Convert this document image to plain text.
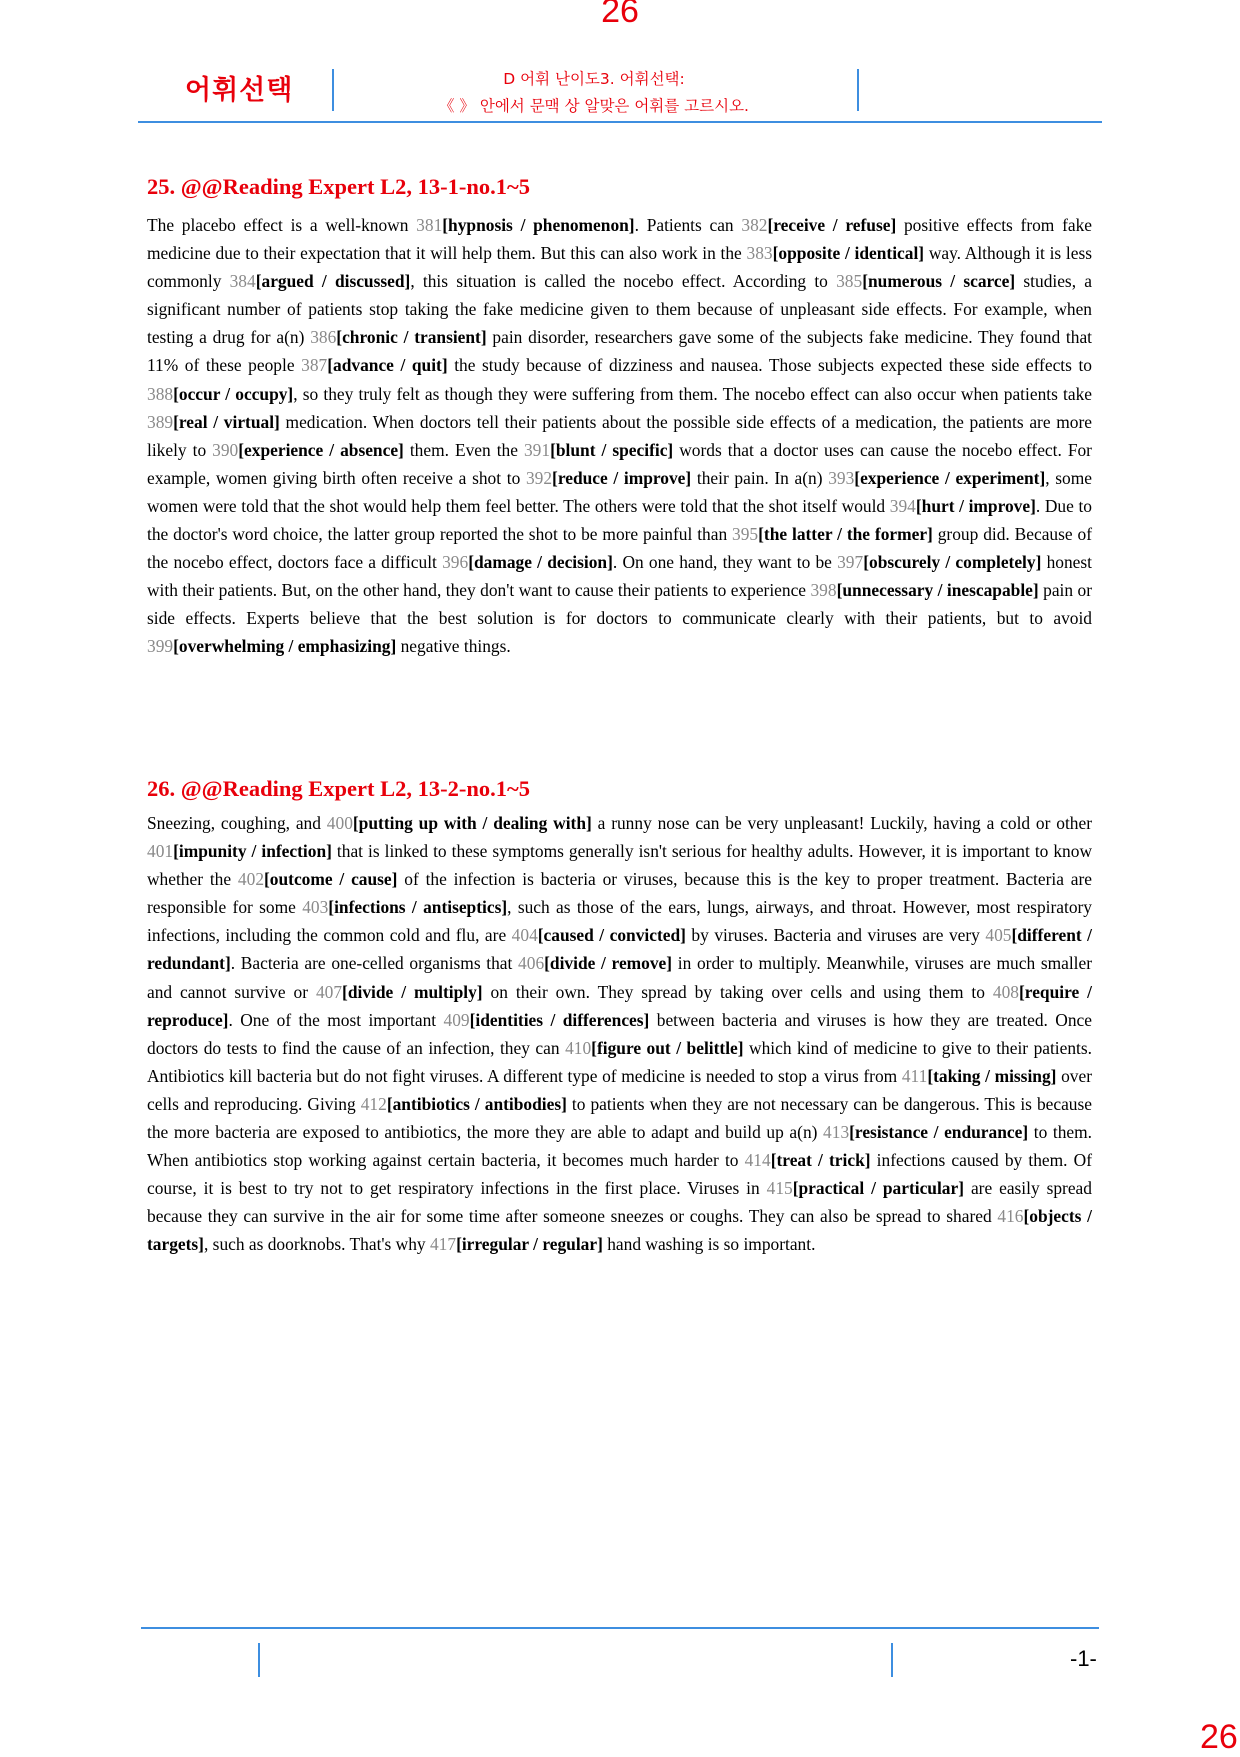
26
어휘선택	D 어휘 난이도3. 어휘선택:
《 》 안에서 문맥 상 알맞은 어휘를 고르시오.
25. @@Reading Expert L2, 13-1-no.1~5
The placebo effect is a well-known 381[hypnosis / phenomenon]. Patients can 382[receive / refuse] positive effects from fake medicine due to their expectation that it will help them. But this can also work in the 383[opposite / identical] way. Although it is less commonly 384[argued / discussed], this situation is called the nocebo effect. According to 385[numerous / scarce] studies, a significant number of patients stop taking the fake medicine given to them because of unpleasant side effects. For example, when testing a drug for a(n) 386[chronic / transient] pain disorder, researchers gave some of the subjects fake medicine. They found that 11% of these people 387[advance / quit] the study because of dizziness and nausea. Those subjects expected these side effects to 388[occur / occupy], so they truly felt as though they were suffering from them. The nocebo effect can also occur when patients take 389[real / virtual] medication. When doctors tell their patients about the possible side effects of a medication, the patients are more likely to 390[experience / absence] them. Even the 391[blunt / specific] words that a doctor uses can cause the nocebo effect. For example, women giving birth often receive a shot to 392[reduce / improve] their pain. In a(n) 393[experience / experiment], some women were told that the shot would help them feel better. The others were told that the shot itself would 394[hurt / improve]. Due to the doctor's word choice, the latter group reported the shot to be more painful than 395[the latter / the former] group did. Because of the nocebo effect, doctors face a difficult 396[damage / decision]. On one hand, they want to be 397[obscurely / completely] honest with their patients. But, on the other hand, they don't want to cause their patients to experience 398[unnecessary / inescapable] pain or side effects. Experts believe that the best solution is for doctors to communicate clearly with their patients, but to avoid 399[overwhelming / emphasizing] negative things.
26. @@Reading Expert L2, 13-2-no.1~5
Sneezing, coughing, and 400[putting up with / dealing with] a runny nose can be very unpleasant! Luckily, having a cold or other 401[impunity / infection] that is linked to these symptoms generally isn't serious for healthy adults. However, it is important to know whether the 402[outcome / cause] of the infection is bacteria or viruses, because this is the key to proper treatment. Bacteria are responsible for some 403[infections / antiseptics], such as those of the ears, lungs, airways, and throat. However, most respiratory infections, including the common cold and flu, are 404[caused / convicted] by viruses. Bacteria and viruses are very 405[different / redundant]. Bacteria are one-celled organisms that 406[divide / remove] in order to multiply. Meanwhile, viruses are much smaller and cannot survive or 407[divide / multiply] on their own. They spread by taking over cells and using them to 408[require / reproduce]. One of the most important 409[identities / differences] between bacteria and viruses is how they are treated. Once doctors do tests to find the cause of an infection, they can 410[figure out / belittle] which kind of medicine to give to their patients. Antibiotics kill bacteria but do not fight viruses. A different type of medicine is needed to stop a virus from 411[taking / missing] over cells and reproducing. Giving 412[antibiotics / antibodies] to patients when they are not necessary can be dangerous. This is because the more bacteria are exposed to antibiotics, the more they are able to adapt and build up a(n) 413[resistance / endurance] to them. When antibiotics stop working against certain bacteria, it becomes much harder to 414[treat / trick] infections caused by them. Of course, it is best to try not to get respiratory infections in the first place. Viruses in 415[practical / particular] are easily spread because they can survive in the air for some time after someone sneezes or coughs. They can also be spread to shared 416[objects / targets], such as doorknobs. That's why 417[irregular / regular] hand washing is so important.
-1-
26
